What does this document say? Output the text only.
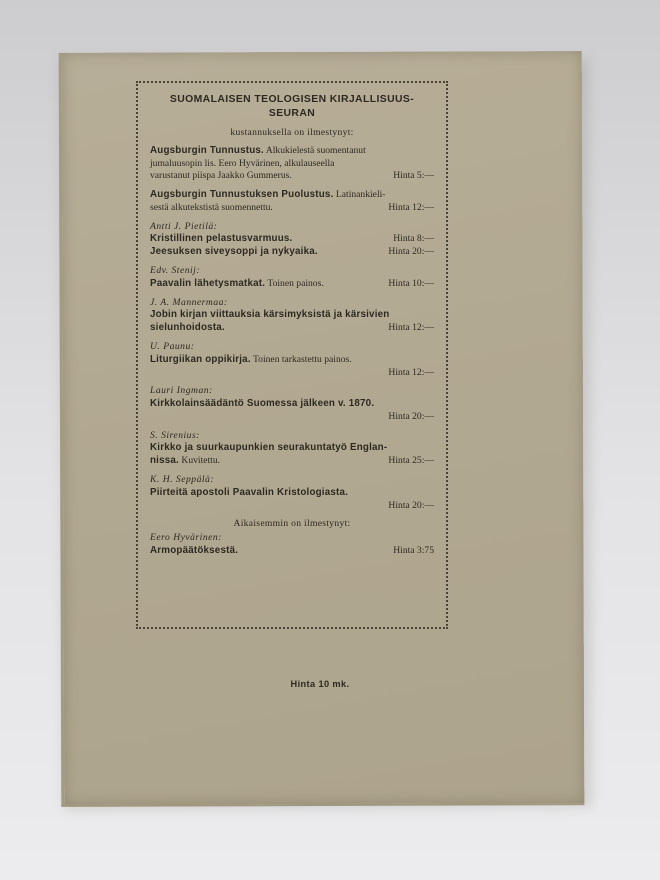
SUOMALAISEN TEOLOGISEN KIRJALLISUUS-SEURAN
kustannuksella on ilmestynyt:
Augsburgin Tunnustus. Alkukielestä suomentanut
jumaluusopin lis. Eero Hyvärinen, alkulauseella
varustanut piispa Jaakko Gummerus.	Hinta 5:—
Augsburgin Tunnustuksen Puolustus. Latinankieli-
sestä alkutekstistä suomennettu.	Hinta 12:—
Antti J. Pietilä:
Kristillinen pelastusvarmuus.	Hinta 8:—
Jeesuksen siveysoppi ja nykyaika.	Hinta 20:—
Edv. Stenij:
Paavalin lähetysmatkat. Toinen painos.	Hinta 10:—
J. A. Mannermaa:
Jobin kirjan viittauksia kärsimyksistä ja kärsivien
sielunhoidosta.	Hinta 12:—
U. Paunu:
Liturgiikan oppikirja. Toinen tarkastettu painos.
Hinta 12:—
Lauri Ingman:
Kirkkolainsäädäntö Suomessa jälkeen v. 1870.
Hinta 20:—
S. Sirenius:
Kirkko ja suurkaupunkien seurakuntatyö Englan-
nissa. Kuvitettu.	Hinta 25:—
K. H. Seppälä:
Piirteitä apostoli Paavalin Kristologiasta.
Hinta 20:—
Aikaisemmin on ilmestynyt:
Eero Hyvärinen:
Armopäätöksestä.	Hinta 3:75
Hinta 10 mk.
